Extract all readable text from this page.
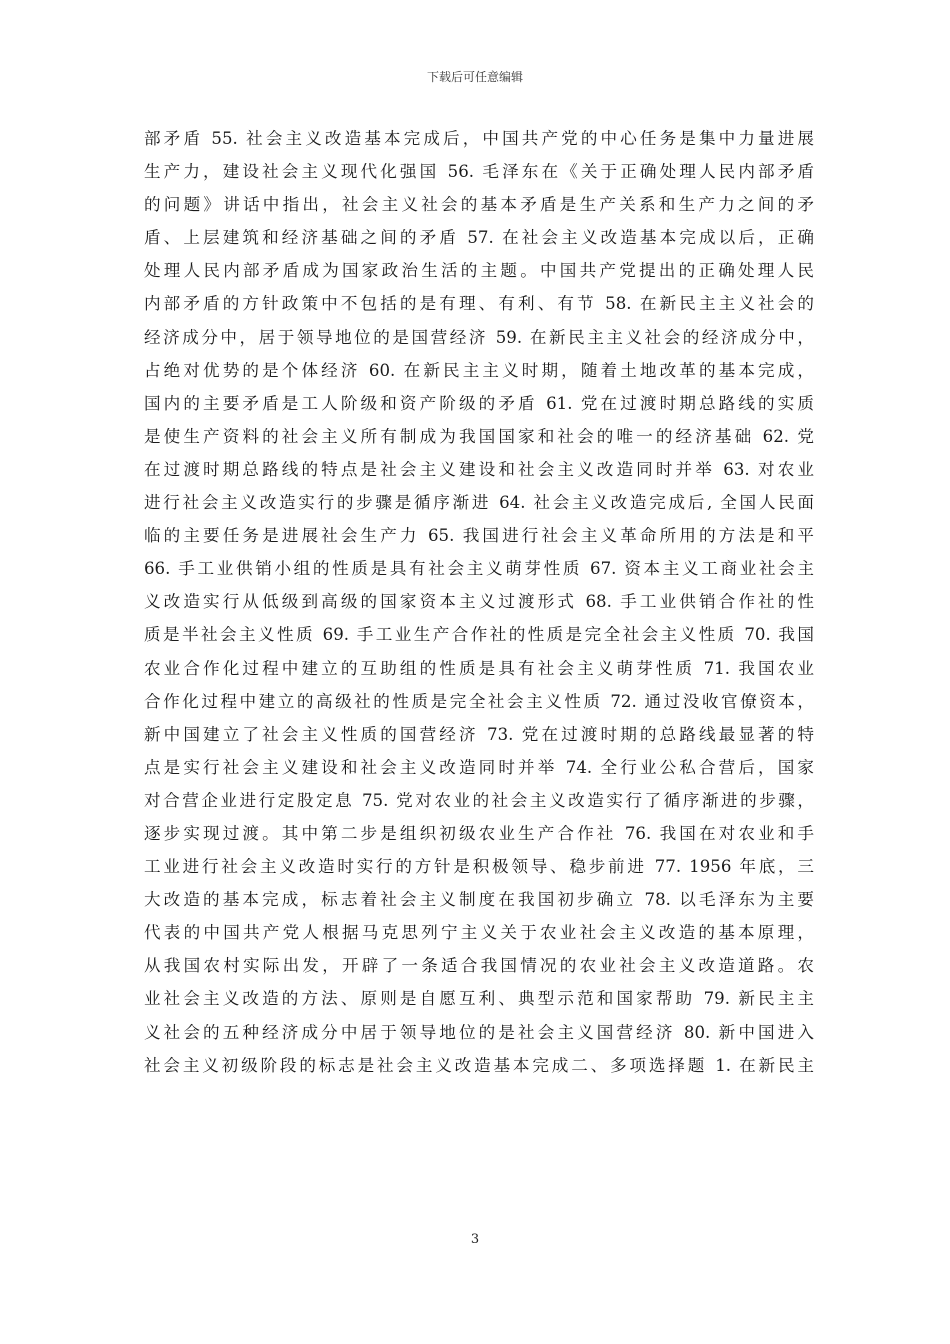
下载后可任意编辑
部矛盾 55. 社会主义改造基本完成后，中国共产党的中心任务是集中力量进展
生产力，建设社会主义现代化强国 56. 毛泽东在《关于正确处理人民内部矛盾
的问题》讲话中指出，社会主义社会的基本矛盾是生产关系和生产力之间的矛
盾、上层建筑和经济基础之间的矛盾 57. 在社会主义改造基本完成以后，正确
处理人民内部矛盾成为国家政治生活的主题。中国共产党提出的正确处理人民
内部矛盾的方针政策中不包括的是有理、有利、有节 58. 在新民主主义社会的
经济成分中，居于领导地位的是国营经济 59. 在新民主主义社会的经济成分中，
占绝对优势的是个体经济 60. 在新民主主义时期，随着土地改革的基本完成，
国内的主要矛盾是工人阶级和资产阶级的矛盾 61. 党在过渡时期总路线的实质
是使生产资料的社会主义所有制成为我国国家和社会的唯一的经济基础 62. 党
在过渡时期总路线的特点是社会主义建设和社会主义改造同时并举 63. 对农业
进行社会主义改造实行的步骤是循序渐进 64. 社会主义改造完成后, 全国人民面
临的主要任务是进展社会生产力 65. 我国进行社会主义革命所用的方法是和平
66. 手工业供销小组的性质是具有社会主义萌芽性质 67. 资本主义工商业社会主
义改造实行从低级到高级的国家资本主义过渡形式 68. 手工业供销合作社的性
质是半社会主义性质 69. 手工业生产合作社的性质是完全社会主义性质 70. 我国
农业合作化过程中建立的互助组的性质是具有社会主义萌芽性质 71. 我国农业
合作化过程中建立的高级社的性质是完全社会主义性质 72. 通过没收官僚资本，
新中国建立了社会主义性质的国营经济 73. 党在过渡时期的总路线最显著的特
点是实行社会主义建设和社会主义改造同时并举 74. 全行业公私合营后，国家
对合营企业进行定股定息 75. 党对农业的社会主义改造实行了循序渐进的步骤，
逐步实现过渡。其中第二步是组织初级农业生产合作社 76. 我国在对农业和手
工业进行社会主义改造时实行的方针是积极领导、稳步前进 77. 1956 年底，三
大改造的基本完成，标志着社会主义制度在我国初步确立 78. 以毛泽东为主要
代表的中国共产党人根据马克思列宁主义关于农业社会主义改造的基本原理，
从我国农村实际出发，开辟了一条适合我国情况的农业社会主义改造道路。农
业社会主义改造的方法、原则是自愿互利、典型示范和国家帮助 79. 新民主主
义社会的五种经济成分中居于领导地位的是社会主义国营经济 80. 新中国进入
社会主义初级阶段的标志是社会主义改造基本完成二、多项选择题 1. 在新民主
3
